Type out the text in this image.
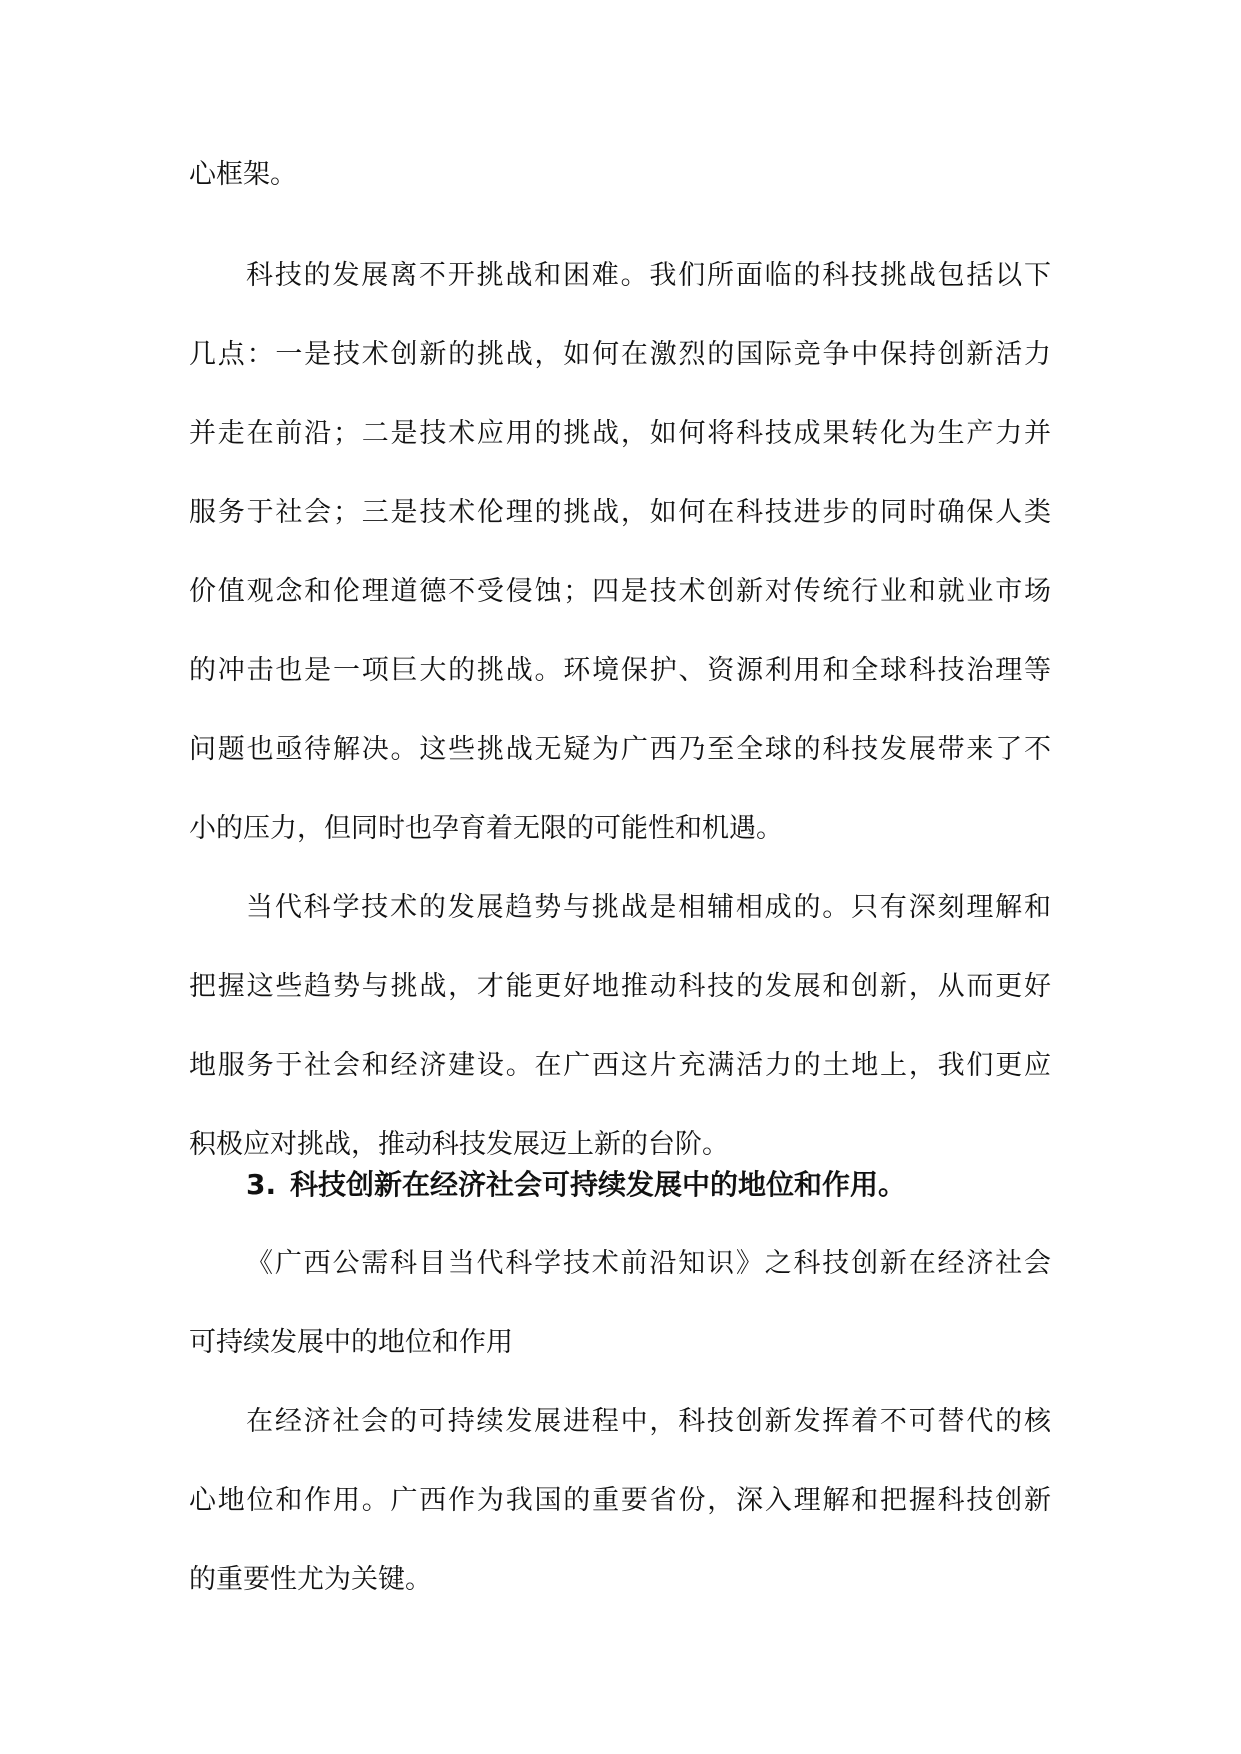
心框架。
科技的发展离不开挑战和困难。我们所面临的科技挑战包括以下
几点：一是技术创新的挑战，如何在激烈的国际竞争中保持创新活力
并走在前沿；二是技术应用的挑战，如何将科技成果转化为生产力并
服务于社会；三是技术伦理的挑战，如何在科技进步的同时确保人类
价值观念和伦理道德不受侵蚀；四是技术创新对传统行业和就业市场
的冲击也是一项巨大的挑战。环境保护、资源利用和全球科技治理等
问题也亟待解决。这些挑战无疑为广西乃至全球的科技发展带来了不
小的压力，但同时也孕育着无限的可能性和机遇。
当代科学技术的发展趋势与挑战是相辅相成的。只有深刻理解和
把握这些趋势与挑战，才能更好地推动科技的发展和创新，从而更好
地服务于社会和经济建设。在广西这片充满活力的土地上，我们更应
积极应对挑战，推动科技发展迈上新的台阶。
3. 科技创新在经济社会可持续发展中的地位和作用。
《广西公需科目当代科学技术前沿知识》之科技创新在经济社会
可持续发展中的地位和作用
在经济社会的可持续发展进程中，科技创新发挥着不可替代的核
心地位和作用。广西作为我国的重要省份，深入理解和把握科技创新
的重要性尤为关键。
